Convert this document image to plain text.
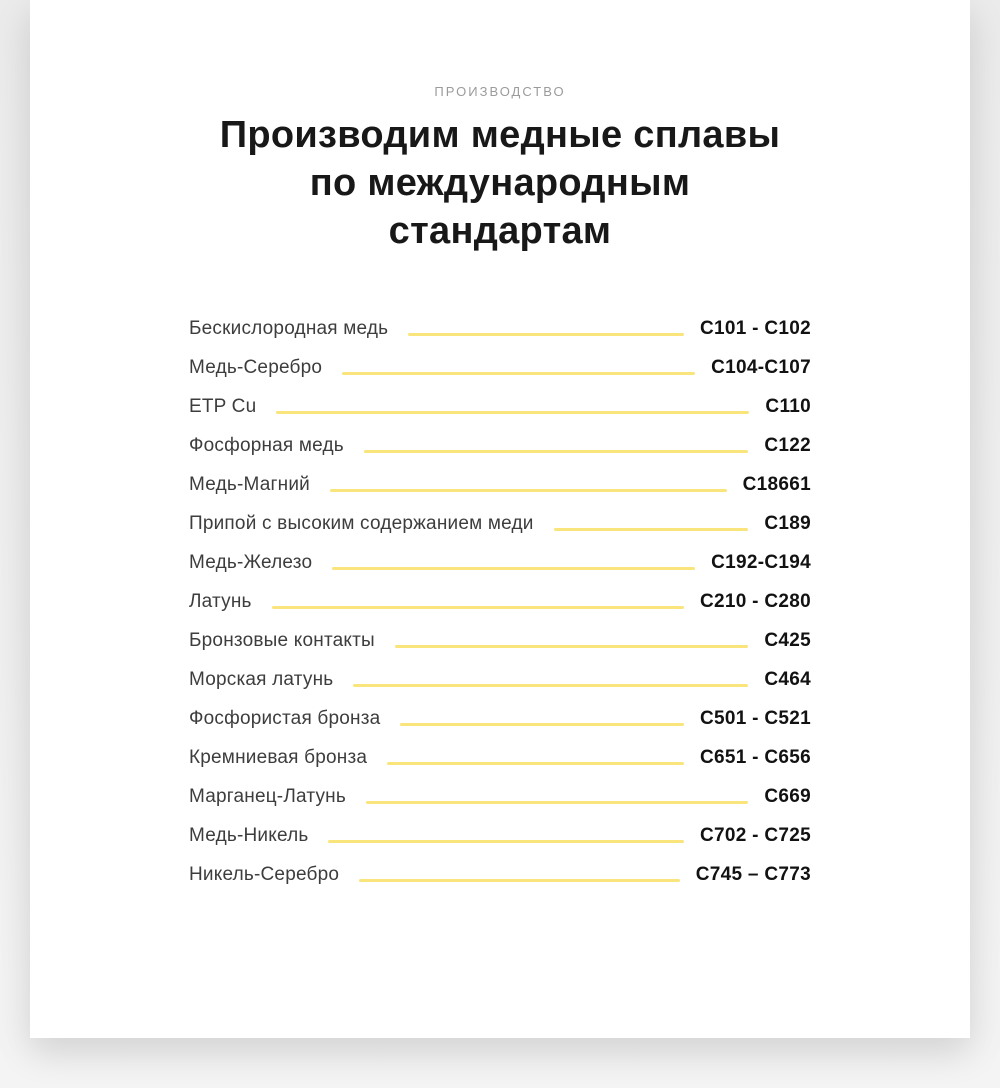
ПРОИЗВОДСТВО

Производим медные сплавы
по международным
стандартам
Бескислородная медь	C101 - C102
Медь-Серебро	C104-C107
ETP Cu	C110
Фосфорная медь	C122
Медь-Магний	C18661
Припой с высоким содержанием меди	C189
Медь-Железо	C192-C194
Латунь	C210 - C280
Бронзовые контакты	C425
Морская латунь	C464
Фосфористая бронза	C501 - C521
Кремниевая бронза	C651 - C656
Марганец-Латунь	C669
Медь-Никель	C702 - C725
Никель-Серебро	C745 – C773
